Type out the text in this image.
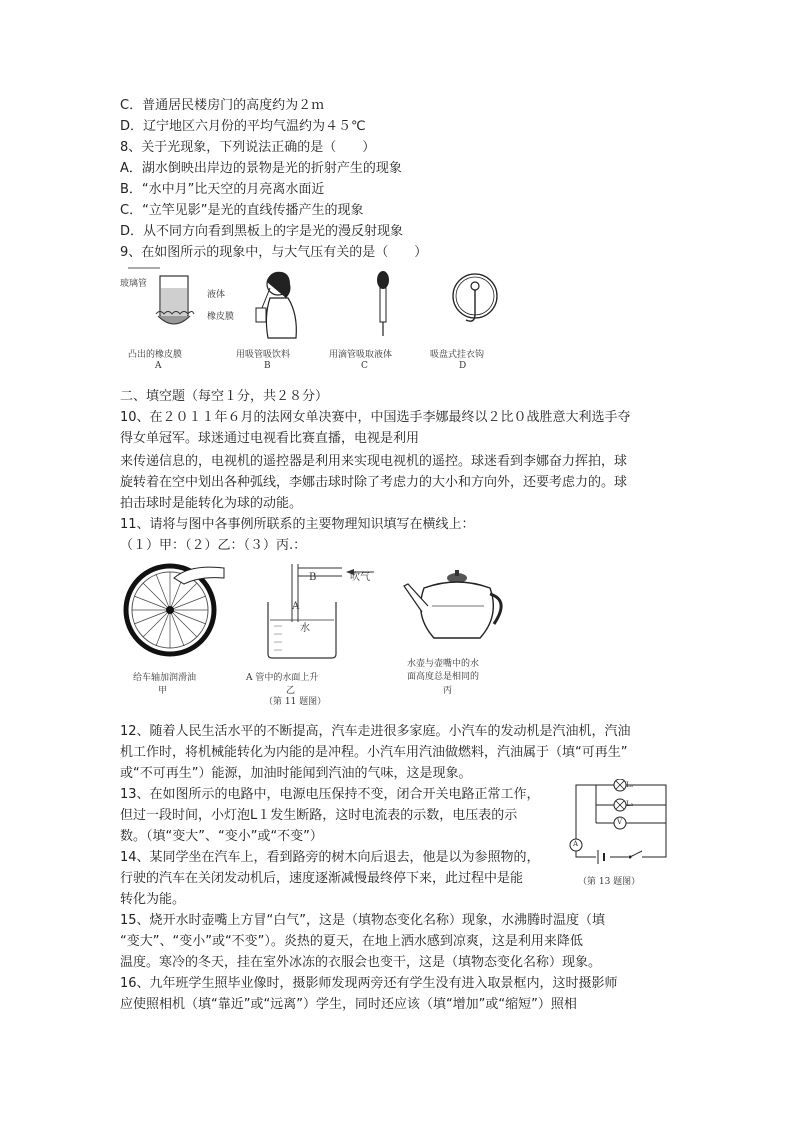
C．普通居民楼房门的高度约为２ｍ
D．辽宁地区六月份的平均气温约为４５℃
8、关于光现象，下列说法正确的是（　　）
A．湖水倒映出岸边的景物是光的折射产生的现象
B．“水中月”比天空的月亮离水面近
C．“立竿见影”是光的直线传播产生的现象
D．从不同方向看到黑板上的字是光的漫反射现象
9、在如图所示的现象中，与大气压有关的是（　　）
玻璃管
液体
橡皮膜
凸出的橡皮膜	用吸管吸饮料	用滴管吸取液体	吸盘式挂衣钩
A	B	C	D
二、填空题（每空１分，共２８分）
10、在２０１１年６月的法网女单决赛中，中国选手李娜最终以２比０战胜意大利选手夺
得女单冠军。球迷通过电视看比赛直播，电视是利用
来传递信息的，电视机的遥控器是利用来实现电视机的遥控。球迷看到李娜奋力挥拍，球
旋转着在空中划出各种弧线，李娜击球时除了考虑力的大小和方向外，还要考虑力的。球
拍击球时是能转化为球的动能。
11、请将与图中各事例所联系的主要物理知识填写在横线上：
（１）甲：（２）乙：（３）丙.：
B	吹气
A
水
给车轴加润滑油
甲
A 管中的水面上升
乙
水壶与壶嘴中的水
面高度总是相同的
丙
（第 11 题图）
12、随着人民生活水平的不断提高，汽车走进很多家庭。小汽车的发动机是汽油机，汽油
机工作时，将机械能转化为内能的是冲程。小汽车用汽油做燃料，汽油属于（填“可再生”
或“不可再生”）能源，加油时能闻到汽油的气味，这是现象。
13、在如图所示的电路中，电源电压保持不变，闭合开关电路正常工作，
但过一段时间，小灯泡L１发生断路，这时电流表的示数，电压表的示
数。（填“变大”、“变小”或“不变”）
L₁
L₂
V
A
（第 13 题图）
14、某同学坐在汽车上，看到路旁的树木向后退去，他是以为参照物的，
行驶的汽车在关闭发动机后，速度逐渐减慢最终停下来，此过程中是能
转化为能。
15、烧开水时壶嘴上方冒“白气”，这是（填物态变化名称）现象，水沸腾时温度（填
“变大”、“变小”或“不变”）。炎热的夏天，在地上洒水感到凉爽，这是利用来降低
温度。寒冷的冬天，挂在室外冰冻的衣服会也变干，这是（填物态变化名称）现象。
16、九年班学生照毕业像时，摄影师发现两旁还有学生没有进入取景框内，这时摄影师
应使照相机（填“靠近”或“远离”）学生，同时还应该（填“增加”或“缩短”）照相
